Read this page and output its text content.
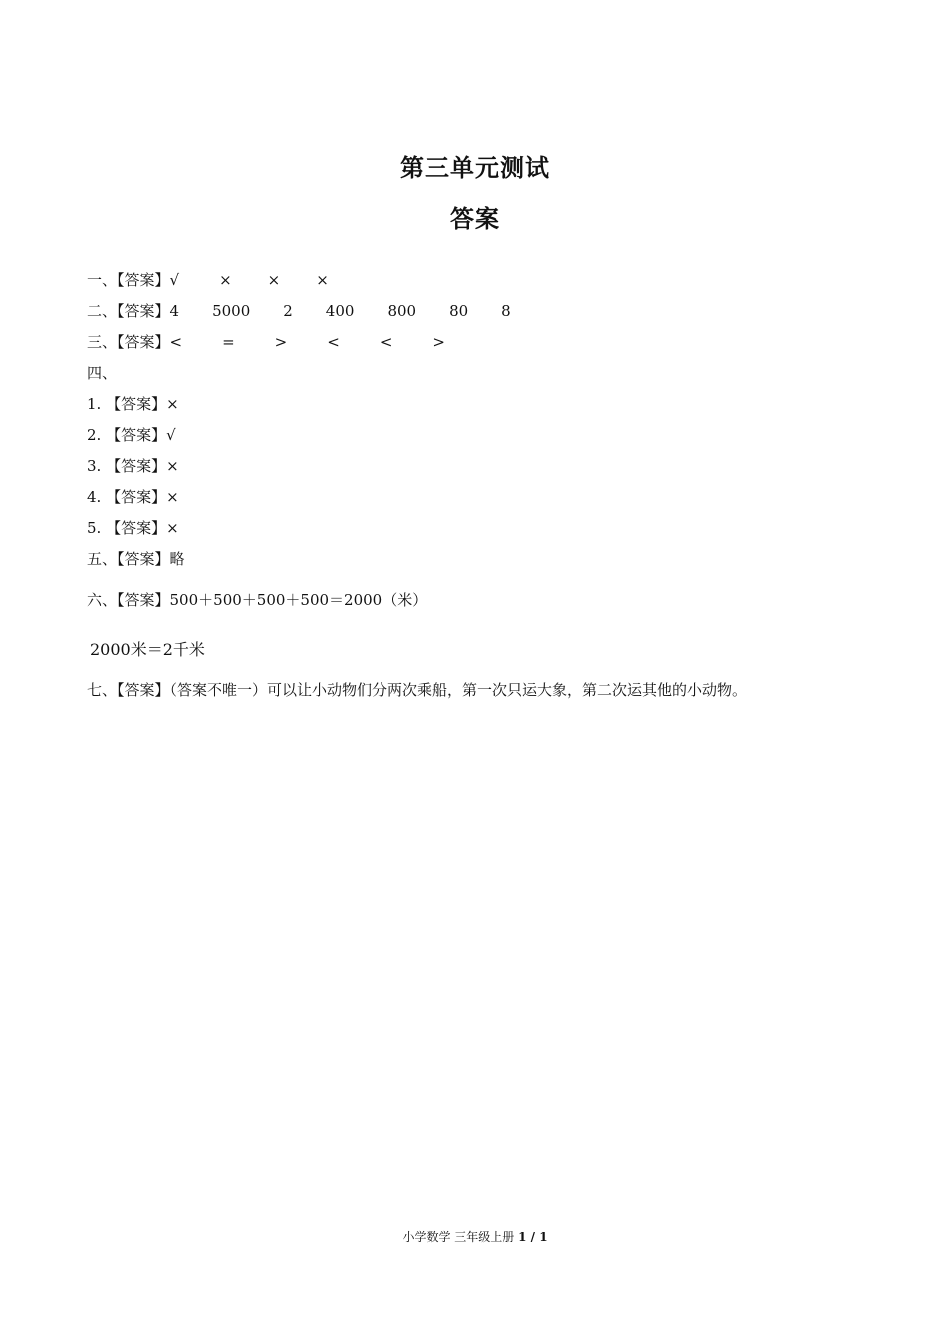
第三单元测试
答案
一、【答案】√	× × ×
二、【答案】4 5000 2 400 800 80 8
三、【答案】<	=	>	<	<	>
四、
1. 【答案】×
2. 【答案】√
3. 【答案】×
4. 【答案】×
5. 【答案】×
五、【答案】略
六、【答案】500＋500＋500＋500＝2000（米）
2000米＝2千米
七、【答案】（答案不唯一）可以让小动物们分两次乘船，第一次只运大象，第二次运其他的小动物。
小学数学 三年级上册 1 / 1
